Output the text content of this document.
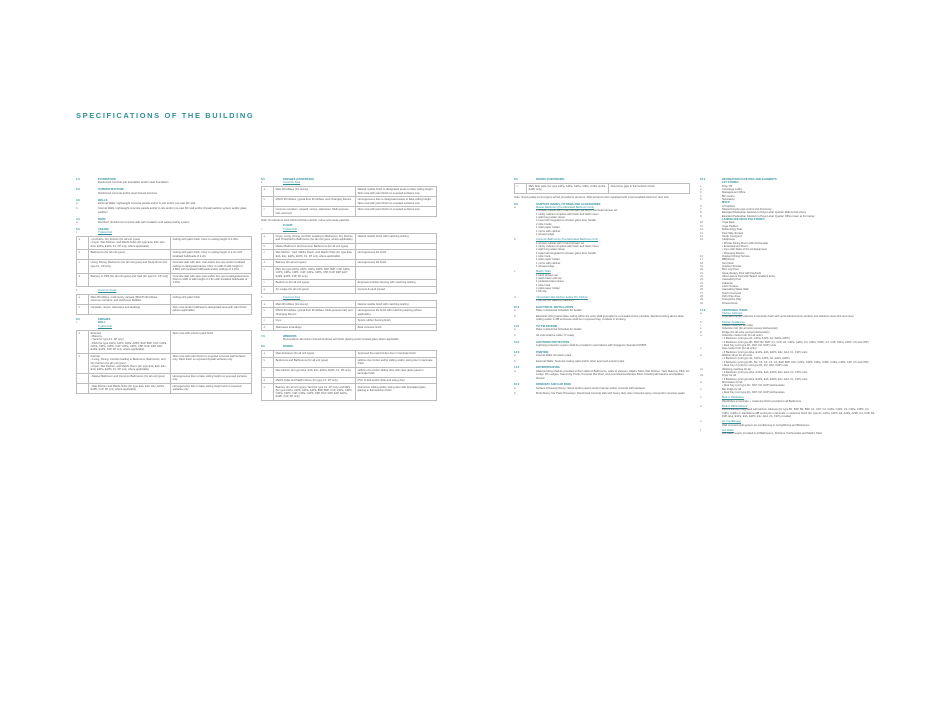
SPECIFICATIONS OF THE BUILDING
1.0	FOUNDATION
Reinforced concrete pile foundation and/or steel foundation
2.0	SUPERSTRUCTURE
Reinforced concrete and/or steel framed structure
3.0	WALLS
a.	External Walls: Lightweight concrete panels and/or in-situ and/or pre-cast RC wall
b.	Internal Walls: Lightweight concrete panels and/or in-situ and/or pre-cast RC wall and/or drywall partition system and/or glass partition
4.0	ROOF
a.	Flat Roof: Reinforced concrete slab with insulation and waterproofing system
5.0	CEILING
i.	Typical Unit
a.	• Corridors, Dry Kitchen (for all unit types)
• Foyer, Wet Kitchen, and Maid's Toilet (for type E1a, E1b, E1c, E1d, E1Pa, E1Pb, F1, FP only, where applicable)	Ceiling with paint finish. Floor to ceiling height of 2.45m.
b.	Bathrooms (for all unit types)	Ceiling with paint finish. Floor to ceiling height of 2.4m with localised bulkheads of 2.2m
c.	Living, Dining, Bedrooms (for all unit types) and Study Room (for type F1, FP only)	Concrete slab with skim coat and/or box-ups and/or localised ceilings to designated areas. Floor to soffit of slab height of 2.85m with localised bulkheads and/or ceilings of 2.45m
d.	Balcony or PES (for all unit types) and Yard (for type F1, FP only)	Concrete slab with skim coat and/or box-ups to designated area. Floor to soffit of slab height of 2.9m with localised bulkheads of 2.45m
ii.	Common Areas
a.	Main lift lobbies, multi-storey carpark (MSCP) lift lobbies, common corridors, and clubhouse facilities	Ceiling with paint finish
b.	Carparks, ramps, staircases and landings	Skim coat and/or bulkhead to designated area with paint finish (where applicable)
6.0	FINISHES
i.	WALL
Typical Unit
a.	External
• Balcony
• Yard (for type F1, FP only)
• PES (for type A1Pa, A1Pb, A2Pa, A2Pb, B1P, B2P, C1P, C2Pa, C2Pb, C3Pa, C3Pb, C4P, C4Pa, C4Pb, C5P, D1P, D2P, E1P, E1Pa, E1Pb, F1P, FP only, where applicable)	Skim coat with exterior paint finish
b.	Internal
• Living, Dining, Corridor leading to Bedrooms, Bathrooms, and Dry Kitchen (for all unit types)
• Foyer, Wet Kitchen, and Maid's Room (for type E1a, E1b, E1c, E1d, E1Pa, E1Pb, F1, FP only, where applicable)	Skim coat with paint finish on exposed concrete wall surfaces only. Paint finish on exposed drywall surfaces only
	• Master Bathroom and Common Bathrooms (for all unit types)	Homogeneous tiles to false ceiling height on exposed surfaces only
	• Wet Kitchen and Maid's Toilet (for type E1a, E1b, E1c, E1Pa, E1Pb, F1P, FP only, where applicable)	Homogeneous tiles to false ceiling height and on exposed surfaces only
6.0	FINISHES (CONTINUED)
ii.	Common Area
a.	Main lift lobbies (1st storey)	Natural marble finish to designated areas to false ceiling height. Skim coat with paint finish on exposed surfaces only
b.	MSCP lift lobbies, typical floor lift lobbies, and Changing Rooms	Homogeneous tiles to designated areas to false ceiling height. Skim coat with paint finish on exposed surfaces only
c.	Common corridors, carpark, ramps, staircases, Multi-purpose hall, and Gym	Skim coat with paint finish on exposed surfaces only
Note: No tile/stone work behind kitchen cabinet, mirror and vanity cabinets
FLOOR
i.	Typical Unit
a.	Foyer, Living, Dining, Corridor Leading to Bedrooms, Dry Kitchen and Threshold to Bathrooms (for all unit types, where applicable)	Natural marble finish with matching skirting
b.	Master Bathroom and Common Bathrooms (for all unit types)	
c.	Wet Kitchen, Yard, Maid's Room, and Maid's Toilet (for type E1a, E1b, E1c, E1Pa, E1Pb, F1, FP only, where applicable)	Homogeneous tile finish
d.	Balcony (for all unit types)	Homogeneous tile finish
e.	PES (for type A1Pa, A1Pb, A2Pa, A2Pb, B1P, B2P, C1P, C2Pa, C2Pb, C3Pa, C3Pb, C4P, C4Pa, C4Pb, C5P, D1P, D2P, E1P, E1Pa, E1Pb, F1P, FP only)	
f.	Bedrooms (for all unit types)	Engineered timber flooring with matching skirting
g.	AC Ledge (for all unit types)	Cement & sand screed
ii.	Common Area
a.	Main lift lobbies (1st storey)	Natural marble finish with matching skirting
b.	MSCP lift lobbies, typical floor lift lobbies, Multi-purpose hall, and Changing Rooms	Homogeneous tile finish with matching skirting (where applicable)
c.	Gym	Sports rubber flooring finish
d.	Staircases & landings	Bare concrete finish
7.0	WINDOWS
Fluorocarbon aluminium framed windows with DGU glazing and/or frosted glass where applicable
8.0	DOORS
a.	Main Entrance (for all unit types)	Approved fire-rated timber door in laminate finish
b.	Bedrooms and Bathrooms (for all unit types)	Hollow core timber and/or sliding and/or swing door in laminate finish
c.	Wet Kitchen (for type E1a, E1b, E1c, E1Pa, E1Pb, F1, FP only)	Hollow core timber sliding door with clear glass panel in laminate finish
d.	Maid's Toilet and Maid's Room (for type F1, FP only)	PVC bi-fold and/or slide and swing door
e.	Balcony (for all unit types) Yard (for type F1, FP only) and PES (for type A1Pa, A1Pb, A2Pa, A2Pb, B1P, B2P, C1P, C2Pa, C2Pb, C3Pa, C3Pb, C4P, C4Pa, C4Pb, C5P, D1P, D2P, E1P, E1Pa, E1Pb, F1P, FP only)	Aluminium sliding and/or swing door with laminated glass glazing in fluorocarbon finish
8.0	DOORS (CONTINUED)
f.	PES Side Gate (for type A1Pa, A2Pa, C2Pa, C3Pa, C4Pa, E1Pa, E1Pb only)	Aluminium gate in fluorocarbon finish
Note: Good quality ironmongery will be provided to all doors. Main entrance door equipped with smart enabled electronic door lock
9.0	SANITARY WARES, FITTINGS AND ACCESSORIES
a.	Master Bathroom (Pre-fabricated Bathroom Unit)
1 shower cubicle with 1 hand shower set and 1 overhead shower set
1 vanity cabinet complete with basin and basin mixer
1 wall hung water closet
1 towel rail integrated to shower glass door handle
2 robe hooks
1 toilet paper holder
1 mirror with cabinet
1 shower ledge
b.	Common Bathrooms (Pre-fabricated Bathroom Unit)
1 shower cubicle with 1 hand shower set
1 vanity cabinet complete with basin and basin mixer
1 wall hung water closet
1 towel rail integrated to shower glass door handle
1 robe hook
1 toilet paper holder
1 mirror with cabinet
1 shower ledge
c.	Maid's Toilet
1 hand shower set
1 wash basin and tap
1 pedestal water closet
1 robe hook
1 toilet paper holder
1 bib tap
d.	Yard and/or Wet Kitchen and/or Dry Kitchen
1 bib tap (for washing machine)
10.0	ELECTRICAL INSTALLATION
a.	Refer to Electrical Schedule for details
b.	Electrical wiring below false ceiling within the units shall generally be concealed where possible. Electrical wiring above false ceiling and/or in DB enclosure shall be in exposed tray, conduits or trunking
11.0	TV/ TELEPHONE
a.	Refer to Electrical Schedule for details
b.	All units shall be cable TV ready
12.0	LIGHTNING PROTECTION
Lightning protection system shall be provided in accordance with Singapore Standard SS555
13.0	PAINTING
a.	Internal Walls: Emulsion paint
b.	External Walls: Textured coating paint and/or other approved exterior paint
14.0	WATERPROOFING
a.	Waterproofing shall be provided to floor slabs of Bathrooms, walls of showers, Maid's Toilet, Wet Kitchen, Yard, Balcony, PES, AC Ledge, RC Ledges, Swimming Pools, Concrete Flat Roof, and Amenities/Landscape Deck including all features and facilities thereof
15.0	DRIVEWAY AND CAR PARK
a.	Surface Driveway/ Ramp: Stone and/or pavers and/or tarmac and/or concrete with hardener
b.	Multi-Storey Car Park/ Driveways: Reinforced concrete slab with heavy duty resin coloured epoxy coat and/or concrete sealer
16.0	RECREATION FACILITIES AND ELEMENTS
1ST STOREY
1.	Drop Off
2.	Concierge Lobby
3.	Management Office
4.	Bin Centre
5.	Substation
MSCP
6.	Lift lobbies
7.	Shared bicycle rack at 2nd and 3rd storey
8.	Elevated Pedestrian Network to Paya Lebar Quarter Mall at 2nd storey
9.	Elevated Pedestrian Network to Paya Lebar Quarter Office tower at 3rd storey
LANDSCAPE DECK 6TH STOREY
10.	Yoga Deck
11.	Yoga Pavilion
12.	Reflexology Trail
13.	Pool Side Terrace
14.	South Courtyard
15.	Clubhouse
• Private Dining Room with Kitchenette
• Entertainment Room
• Gym with State of the Art Equipment
• Changing Rooms
16.	Outdoor Dining Terrace
17.	BBQ Deck
18.	Sun Deck
19.	Outdoor Shower
20.	50m Lap Pool
21.	Aqua-therapy Pool with Daybeds
22.	Ultra Leisure Pool with Beach Gradient Entry
23.	Cascading Pool
24.	Cabanas
25.	Lawn Terrace
26.	Cascading Water Wall
27.	North Courtyard
28.	Kid's Play Area
29.	Trampoline Play
30.	Fitness Deck
17.0	ADDITIONAL ITEMS
a.	Kitchen Cabinets
Imported Kitchen cabinets in laminate finish with reconstituted stone worktop and stainless steel sink and mixer
b.	Kitchen Appliances
i.	Cooker hood (for all units)
ii.	Induction hob (for all units (except kitchenette))
iii.	Fridge (for all units (except kitchenette))
iv.	Induction cooker hob (for all units)
• 1 Bedroom (unit type A1, A1Pa, A1Pb, A2, A2Pa, A2Pb)
• 2 Bedroom (unit type B1, B1P, B2, B2P, C1, C1P, C2, C2Pa, C2Pb, C3, C3Pa, C3Pb, C4, C4P, C4Pa, C4Pb, C5 and C5P)
• Dual Key (unit type D1, D1P, D2, D2P) units
v.	Gas cooker hob (for all units)
• 3 Bedroom (unit type E1a, E1Pa, E1b, E1Pb, E1c, E1d, F1, F1P) units
vi.	Washer-dryer for all units
• 1 Bedroom (unit type A1, A1Pa, A1Pb, A2, A2Pa, A2Pb)
• 2 Bedroom (unit type B1, B2, C1, C2, C3, C4, B1P, B2P, C1P, C2Pa, C2Pb, C3Pa, C3Pb, C4Pa, C4Pb, C4P, C5 and C5P)
• Dual Key 2 (unit) for unit type D1, D2, D1P, D2P) units
vii.	Washing machine for all
• 3 Bedroom (unit type E1a, E1Pa, E1b, E1Pb, E1c, E1d, F1, F1P) units
viii.	Dryer for all
• 3 Bedroom (unit type E1a, E1Pa, E1b, E1Pb, E1c, E1d, F1, F1P) units
ix.	Microwave for all
• Dual Key (unit type D1, D1P, D2, D2P) kitchenettes
x.	Bar fridge for all
• Dual Key (unit type D1, D1P, D2, D2P) kitchenettes
c.	Built-in Wardrobes
Wardrobes in laminate + melamine finish provided to all Bedrooms
d.	Built-in DB Enclosure
DB enclosures integrated with kitchen cabinets (for type B1, B1P, B2, B2P, C1, C1P, C2, C2Pa, C2Pb, C3, C3Pa, C3Pb, C4, C4Pa, C4Pb) or standalone DB enclosure in laminate + melamine finish (for type A1, A1Pa, A1Pb, A2, A2Pa, A2Pb, D1, D1P, D2, D2P, E1a, E1Pa, E1b, E1Pb, E1c, E1d, F1, F1P) provided
e.	Air Conditioning
Wall mounted split system air-conditioning to Living/Dining and Bedrooms
f.	Hot Water
Hot water supply provided to all Bathrooms, Kitchens, Kitchenettes and Maid's Toilet
